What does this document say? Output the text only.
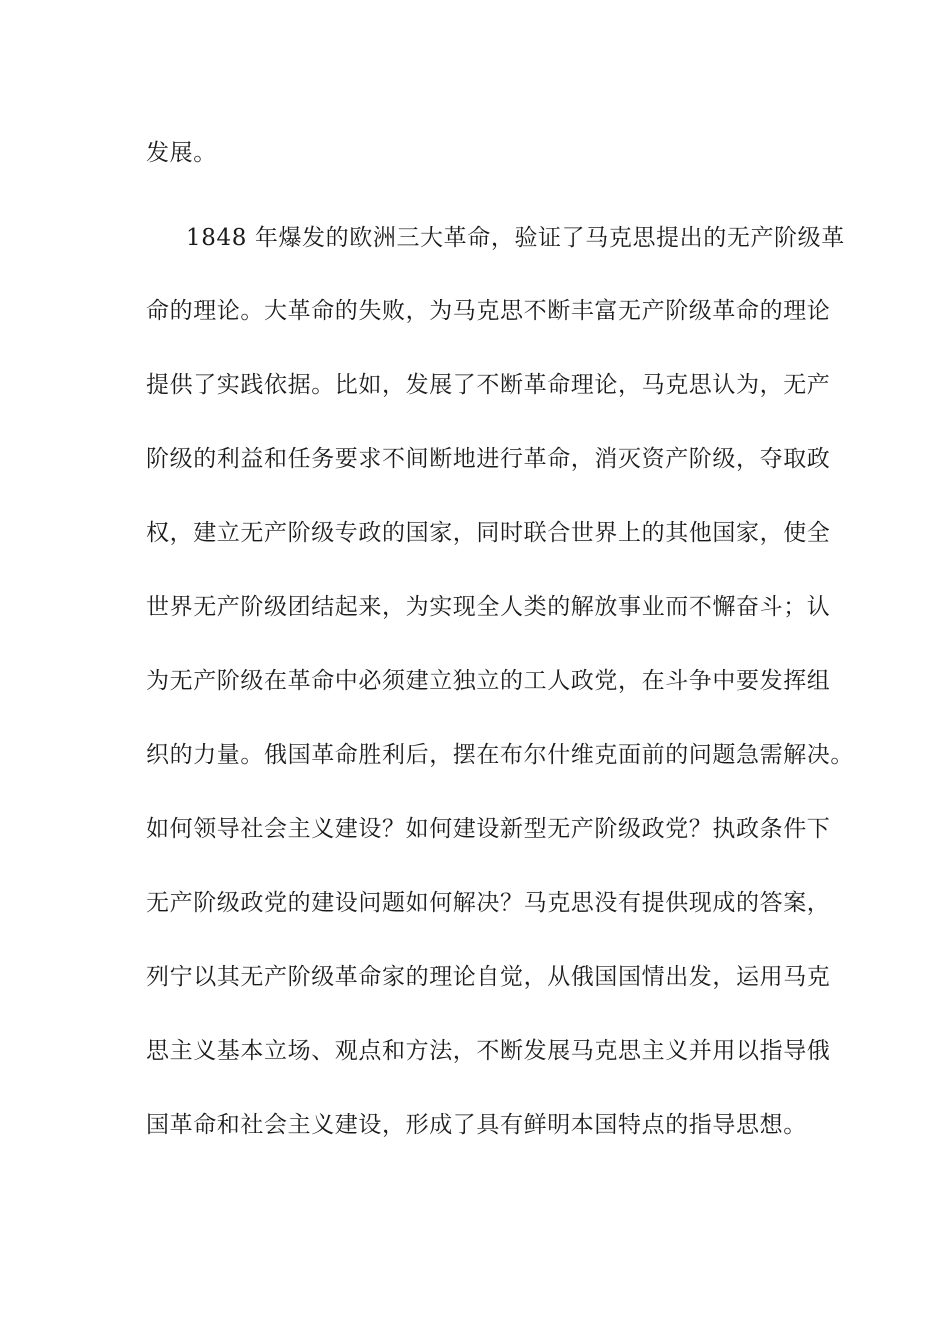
发展。
1848 年爆发的欧洲三大革命，验证了马克思提出的无产阶级革
命的理论。大革命的失败，为马克思不断丰富无产阶级革命的理论
提供了实践依据。比如，发展了不断革命理论，马克思认为，无产
阶级的利益和任务要求不间断地进行革命，消灭资产阶级，夺取政
权，建立无产阶级专政的国家，同时联合世界上的其他国家，使全
世界无产阶级团结起来，为实现全人类的解放事业而不懈奋斗；认
为无产阶级在革命中必须建立独立的工人政党，在斗争中要发挥组
织的力量。俄国革命胜利后，摆在布尔什维克面前的问题急需解决。
如何领导社会主义建设？如何建设新型无产阶级政党？执政条件下
无产阶级政党的建设问题如何解决？马克思没有提供现成的答案，
列宁以其无产阶级革命家的理论自觉，从俄国国情出发，运用马克
思主义基本立场、观点和方法，不断发展马克思主义并用以指导俄
国革命和社会主义建设，形成了具有鲜明本国特点的指导思想。
